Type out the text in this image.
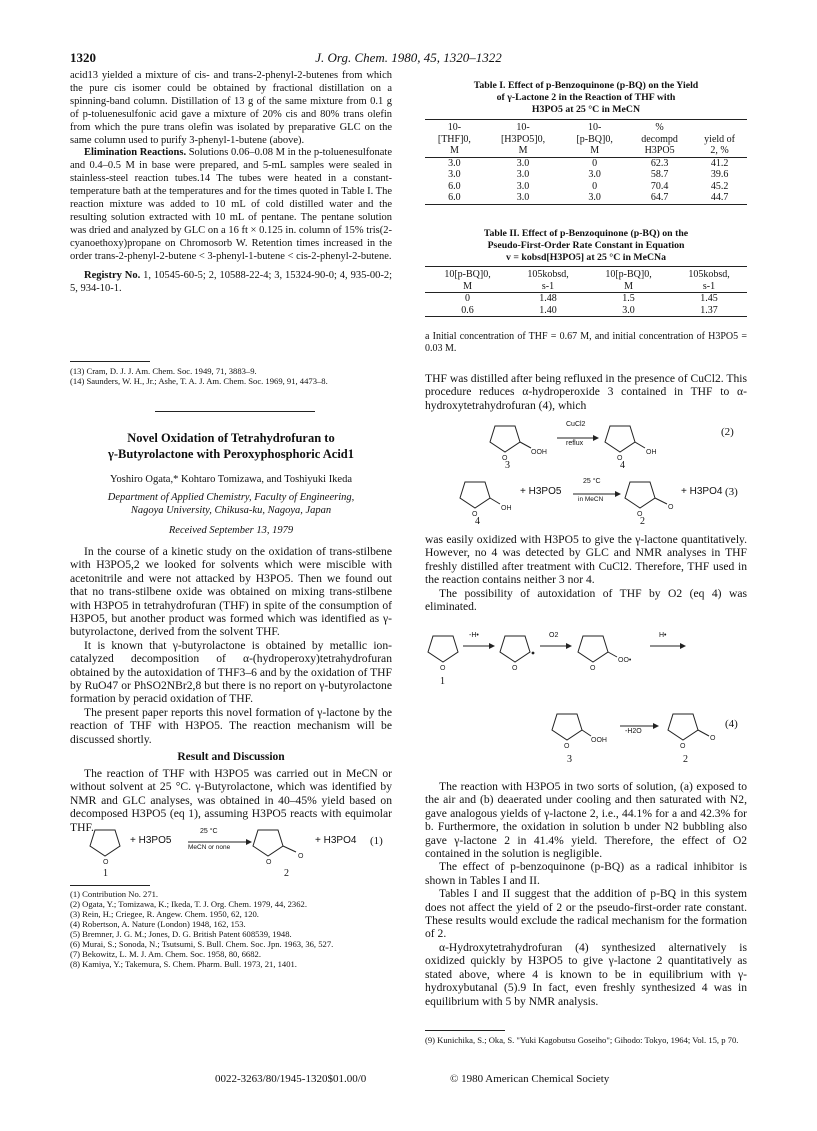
1320	J. Org. Chem. 1980, 45, 1320–1322

acid13 yielded a mixture of cis- and trans-2-phenyl-2-butenes from which the pure cis isomer could be obtained by fractional distillation on a spinning-band column. Distillation of 13 g of the same mixture from 0.1 g of p-toluenesulfonic acid gave a mixture of 20% cis and 80% trans olefin from which the pure trans olefin was isolated by preparative GLC on the same column used to purify 3-phenyl-1-butene (above).

Elimination Reactions. Solutions 0.06–0.08 M in the p-toluenesulfonate and 0.4–0.5 M in base were prepared, and 5-mL samples were sealed in stainless-steel reaction tubes.14 The tubes were heated in a constant-temperature bath at the temperatures and for the times quoted in Table I. The reaction mixture was added to 10 mL of cold distilled water and the resulting solution extracted with 10 mL of pentane. The pentane solution was dried and analyzed by GLC on a 16 ft × 0.125 in. column of 15% tris(2-cyanoethoxy)propane on Chromosorb W. Retention times increased in the order trans-2-phenyl-2-butene < 3-phenyl-1-butene < cis-2-phenyl-2-butene.

Registry No. 1, 10545-60-5; 2, 10588-22-4; 3, 15324-90-0; 4, 935-00-2; 5, 934-10-1.

(13) Cram, D. J. J. Am. Chem. Soc. 1949, 71, 3883–9.

(14) Saunders, W. H., Jr.; Ashe, T. A. J. Am. Chem. Soc. 1969, 91, 4473–8.

Novel Oxidation of Tetrahydrofuran to
γ-Butyrolactone with Peroxyphosphoric Acid1
Yoshiro Ogata,* Kohtaro Tomizawa, and Toshiyuki Ikeda
Department of Applied Chemistry, Faculty of Engineering,
Nagoya University, Chikusa-ku, Nagoya, Japan
Received September 13, 1979

In the course of a kinetic study on the oxidation of trans-stilbene with H3PO5,2 we looked for solvents which were miscible with acetonitrile and were not attacked by H3PO5. Then we found out that no trans-stilbene oxide was obtained on mixing trans-stilbene with H3PO5 in tetrahydrofuran (THF) in spite of the consumption of H3PO5, but another product was formed which was identified as γ-butyrolactone, derived from the solvent THF.

It is known that γ-butyrolactone is obtained by metallic ion-catalyzed decomposition of α-(hydroperoxy)tetrahydrofuran obtained by the autoxidation of THF3–6 and by the oxidation of THF by RuO47 or PhSO2NBr2,8 but there is no report on γ-butyrolactone formation by peracid oxidation of THF.

The present paper reports this novel formation of γ-lactone by the reaction of THF with H3PO5. The reaction mechanism will be discussed shortly.

Result and Discussion

The reaction of THF with H3PO5 was carried out in MeCN or without solvent at 25 °C. γ-Butyrolactone, which was identified by NMR and GLC analyses, was obtained in 40–45% yield based on decomposed H3PO5 (eq 1), assuming H3PO5 reacts with equimolar THF.

O	O
O
+ H3PO5
25 °C
MeCN or none
+ H3PO4 (1)
1	2

(1) Contribution No. 271.

(2) Ogata, Y.; Tomizawa, K.; Ikeda, T. J. Org. Chem. 1979, 44, 2362.

(3) Rein, H.; Criegee, R. Angew. Chem. 1950, 62, 120.

(4) Robertson, A. Nature (London) 1948, 162, 153.

(5) Bremner, J. G. M.; Jones, D. G. British Patent 608539, 1948.

(6) Murai, S.; Sonoda, N.; Tsutsumi, S. Bull. Chem. Soc. Jpn. 1963, 36, 527.

(7) Bekowitz, L. M. J. Am. Chem. Soc. 1958, 80, 6682.

(8) Kamiya, Y.; Takemura, S. Chem. Pharm. Bull. 1973, 21, 1401.

Table I. Effect of p-Benzoquinone (p-BQ) on the Yield
of γ-Lactone 2 in the Reaction of THF with
H3PO5 at 25 °C in MeCN
10-	10-	10-	%	
[THF]0,	[H3PO5]0,	[p-BQ]0,	decompd	yield of
M	M	M	H3PO5	2, %
3.0	3.0	0	62.3	41.2
3.0	3.0	3.0	58.7	39.6
6.0	3.0	0	70.4	45.2
6.0	3.0	3.0	64.7	44.7
Table II. Effect of p-Benzoquinone (p-BQ) on the
Pseudo-First-Order Rate Constant in Equation
v = kobsd[H3PO5] at 25 °C in MeCNa
10[p-BQ]0,	105kobsd,	10[p-BQ]0,	105kobsd,
M	s-1	M	s-1
0	1.48	1.5	1.45
0.6	1.40	3.0	1.37
a Initial concentration of THF = 0.67 M, and initial concentration of H3PO5 = 0.03 M.
THF was distilled after being refluxed in the presence of CuCl2. This procedure reduces α-hydroperoxide 3 contained in THF to α-hydroxytetrahydrofuran (4), which
O
OOH
O
OH
CuCl2
reflux
(2)
3	4
O
OH
O
O
+ H3PO5
25 °C
in MeCN
+ H3PO4 (3)
4	2

was easily oxidized with H3PO5 to give the γ-lactone quantitatively. However, no 4 was detected by GLC and NMR analyses in THF freshly distilled after treatment with CuCl2. Therefore, THF used in the reaction contains neither 3 nor 4.

The possibility of autoxidation of THF by O2 (eq 4) was eliminated.

O	O	O
OO•
O
OOH
O
O
-H•	O2	H•
-H2O
(4)
1
3	2

The reaction with H3PO5 in two sorts of solution, (a) exposed to the air and (b) deaerated under cooling and then saturated with N2, gave analogous yields of γ-lactone 2, i.e., 44.1% for a and 42.3% for b. Furthermore, the oxidation in solution b under N2 bubbling also gave γ-lactone 2 in 41.4% yield. Therefore, the effect of O2 contained in the solution is negligible.

The effect of p-benzoquinone (p-BQ) as a radical inhibitor is shown in Tables I and II.

Tables I and II suggest that the addition of p-BQ in this system does not affect the yield of 2 or the pseudo-first-order rate constant. These results would exclude the radical mechanism for the formation of 2.

α-Hydroxytetrahydrofuran (4) synthesized alternatively is oxidized quickly by H3PO5 to give γ-lactone 2 quantitatively as stated above, where 4 is known to be in equilibrium with γ-hydroxybutanal (5).9 In fact, even freshly synthesized 4 was in equilibrium with 5 by NMR analysis.

(9) Kunichika, S.; Oka, S. "Yuki Kagobutsu Goseiho"; Gihodo: Tokyo, 1964; Vol. 15, p 70.
0022-3263/80/1945-1320$01.00/0	© 1980 American Chemical Society
